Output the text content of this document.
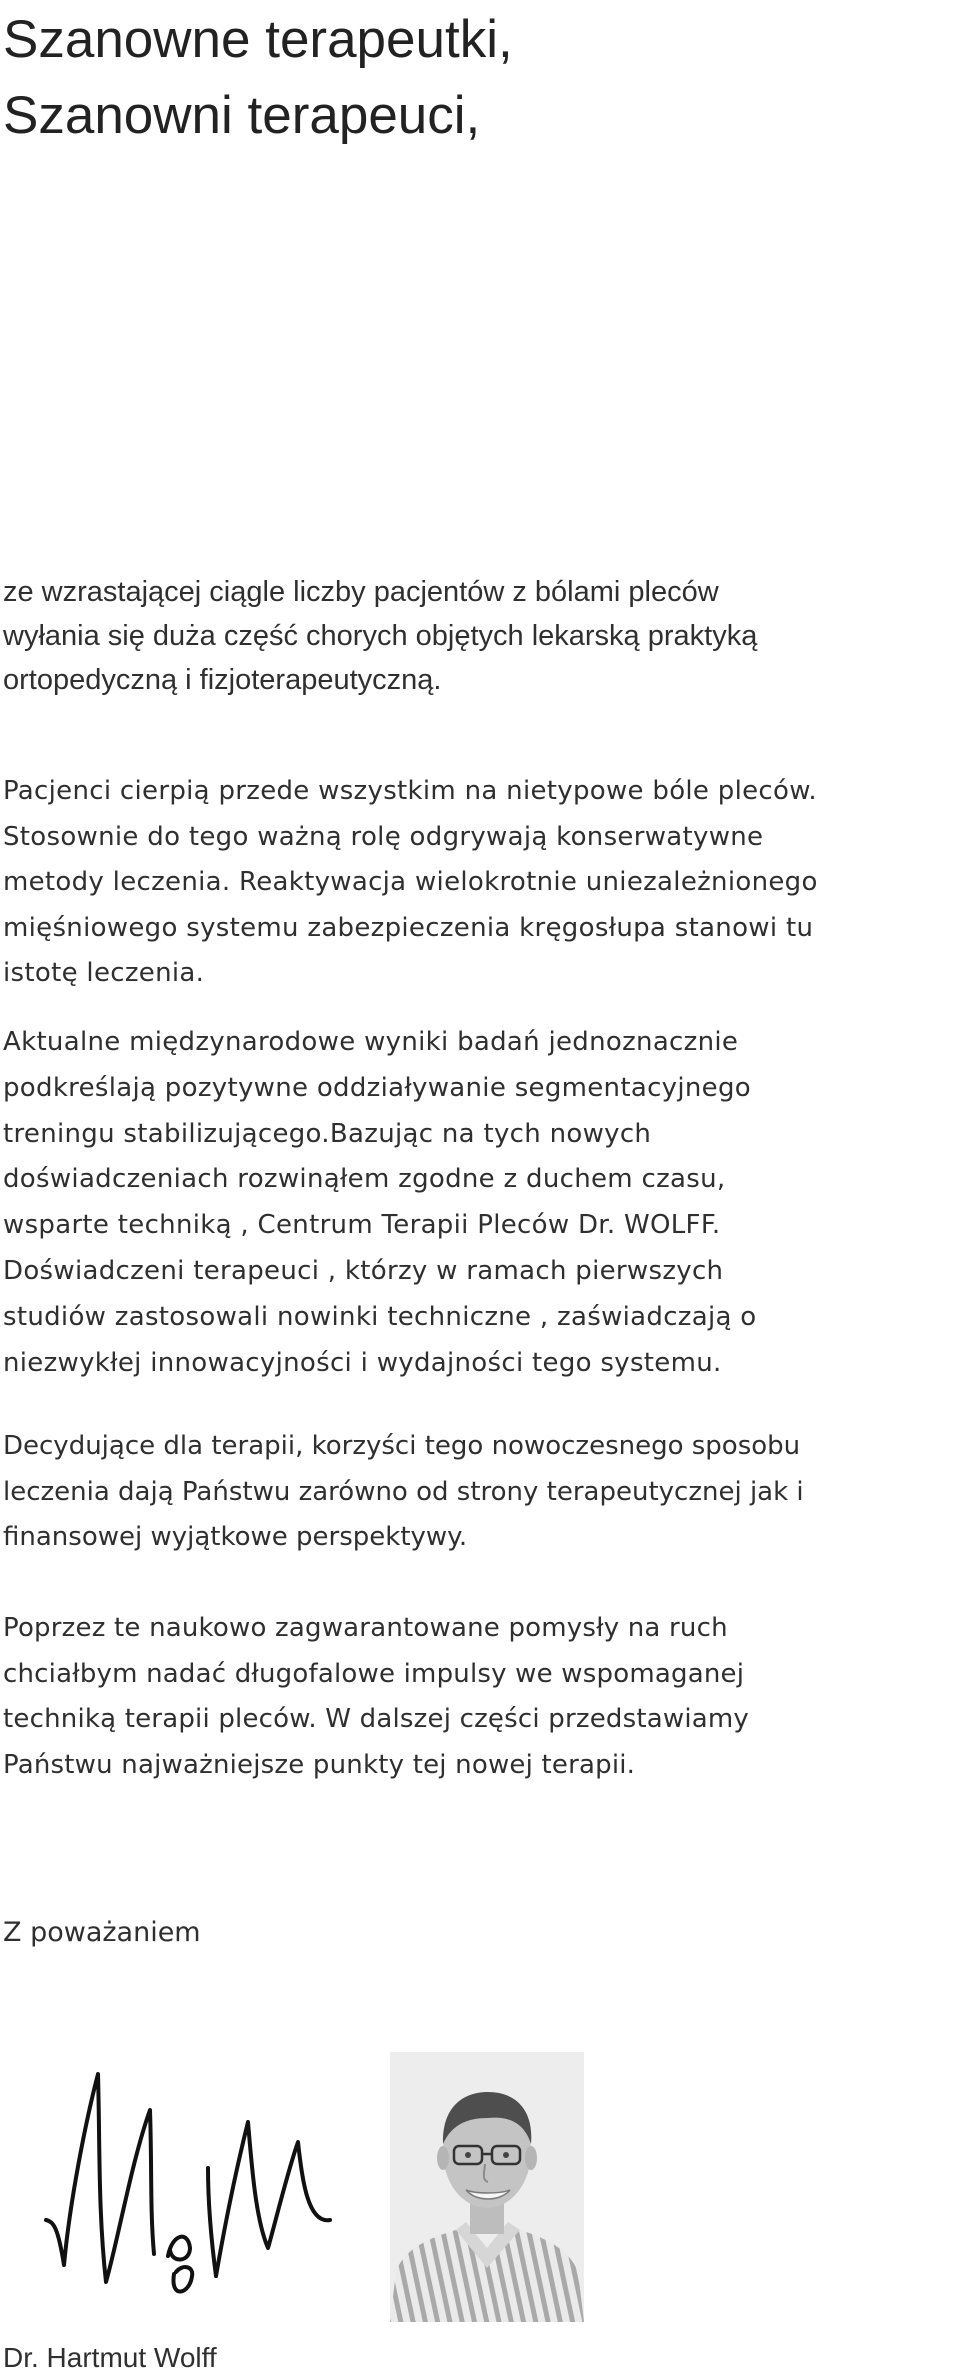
Szanowne terapeutki,
Szanowni terapeuci,

ze wzrastającej ciągle liczby pacjentów z bólami pleców
wyłania się duża część chorych objętych lekarską praktyką
ortopedyczną i fizjoterapeutyczną.

Pacjenci cierpią przede wszystkim na nietypowe bóle pleców.
Stosownie do tego ważną rolę odgrywają konserwatywne
metody leczenia. Reaktywacja wielokrotnie uniezależnionego
mięśniowego systemu zabezpieczenia kręgosłupa stanowi tu
istotę leczenia.

Aktualne międzynarodowe wyniki badań jednoznacznie
podkreślają pozytywne oddziaływanie segmentacyjnego
treningu stabilizującego.Bazując na tych nowych
doświadczeniach rozwinąłem zgodne z duchem czasu,
wsparte techniką , Centrum Terapii Pleców Dr. WOLFF.
Doświadczeni terapeuci , którzy w ramach pierwszych
studiów zastosowali nowinki techniczne , zaświadczają o
niezwykłej innowacyjności i wydajności tego systemu.

Decydujące dla terapii, korzyści tego nowoczesnego sposobu
leczenia dają Państwu zarówno od strony terapeutycznej jak i
finansowej wyjątkowe perspektywy.

Poprzez te naukowo zagwarantowane pomysły na ruch
chciałbym nadać długofalowe impulsy we wspomaganej
techniką terapii pleców. W dalszej części przedstawiamy
Państwu najważniejsze punkty tej nowej terapii.

Z poważaniem

Dr. Hartmut Wolff
